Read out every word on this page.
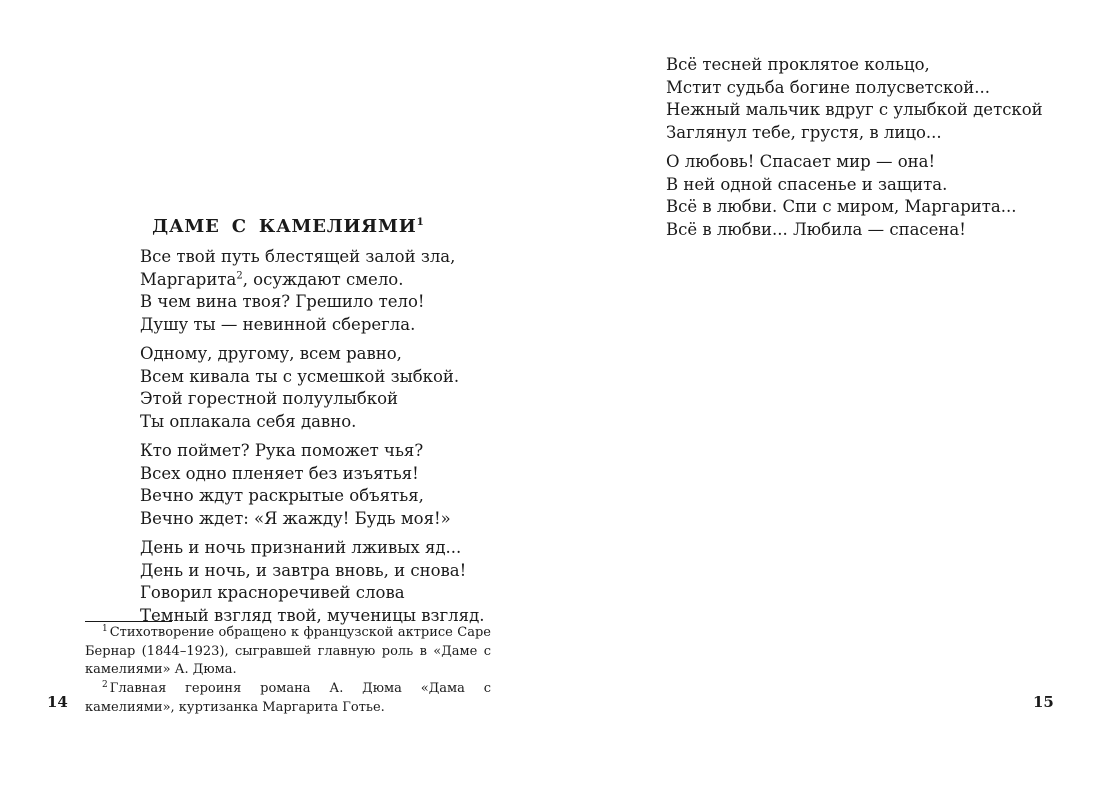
ДАМЕ С КАМЕЛИЯМИ$^1$
Все твой путь блестящей залой зла,
Маргарита$^2$, осуждают смело.
В чем вина твоя? Грешило тело!
Душу ты — невинной сберегла.
Одному, другому, всем равно,
Всем кивала ты с усмешкой зыбкой.
Этой горестной полуулыбкой
Ты оплакала себя давно.
Кто поймет? Рука поможет чья?
Всех одно пленяет без изъятья!
Вечно ждут раскрытые объятья,
Вечно ждет: «Я жажду! Будь моя!»
День и ночь признаний лживых яд...
День и ночь, и завтра вновь, и снова!
Говорил красноречивей слова
Темный взгляд твой, мученицы взгляд.

$^1$ Стихотворение обращено к французской актрисе Саре Бернар (1844–1923), сыгравшей главную роль в «Даме с камелиями» А. Дюма.

$^2$ Главная героиня романа А. Дюма «Дама с камелиями», куртизанка Маргарита Готье.

14
Всё тесней проклятое кольцо,
Мстит судьба богине полусветской...
Нежный мальчик вдруг с улыбкой детской
Заглянул тебе, грустя, в лицо...
О любовь! Спасает мир — она!
В ней одной спасенье и защита.
Всё в любви. Спи с миром, Маргарита...
Всё в любви... Любила — спасена!
15
